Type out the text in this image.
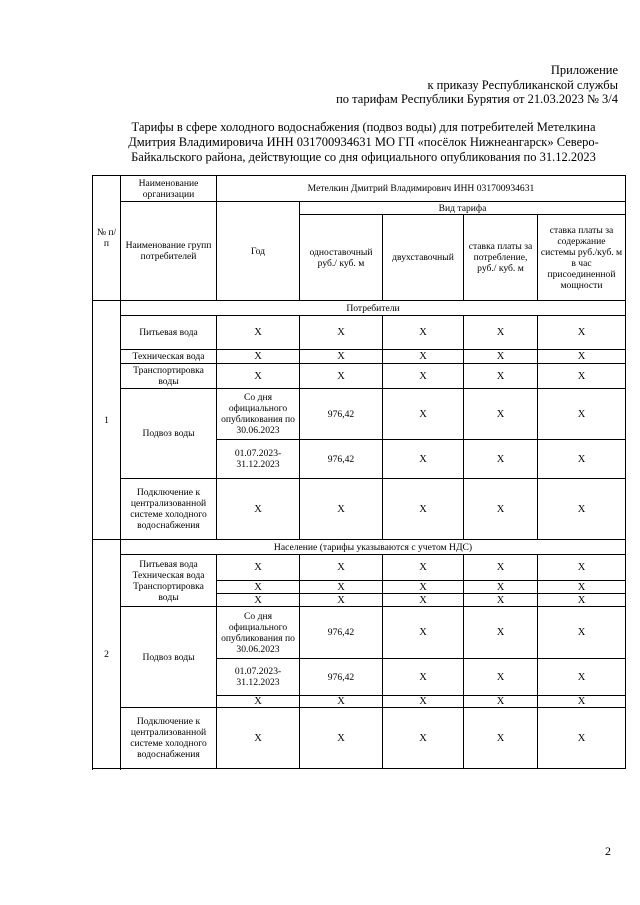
Приложение
к приказу Республиканской службы
по тарифам Республики Бурятия от 21.03.2023 № 3/4
Тарифы в сфере холодного водоснабжения (подвоз воды) для потребителей Метелкина
Дмитрия Владимировича ИНН 031700934631 МО ГП «посёлок Нижнеангарск» Северо-
Байкальского района, действующие со дня официального опубликования по 31.12.2023
№ п/п	Наименование организации	Метелкин Дмитрий Владимирович ИНН 031700934631				
	Наименование групп потребителей	Год	Вид тарифа			
			одноставочный руб./ куб. м	двухставочный	ставка платы за потребление, руб./ куб. м	ставка платы за содержание системы руб./куб. м в час присоединенной мощности
1	Потребители					
	Питьевая вода	X	X	X	X	X
	Техническая вода	X	X	X	X	X
	Транспортировка воды	X	X	X	X	X
	Подвоз воды	Со дня официального опубликования по 30.06.2023	976,42	X	X	X
		01.07.2023-31.12.2023	976,42	X	X	X
	Подключение к централизованной системе холодного водоснабжения	X	X	X	X	X

2	Население (тарифы указываются с учетом НДС)					
	Питьевая вода Техническая вода Транспортировка воды	X	X	X	X	X
		X	X	X	X	X
		X	X	X	X	X
	Подвоз воды	Со дня официального опубликования по 30.06.2023	976,42	X	X	X
		01.07.2023-31.12.2023	976,42	X	X	X
		X	X	X	X	X
	Подключение к централизованной системе холодного водоснабжения	X	X	X	X	X

2
